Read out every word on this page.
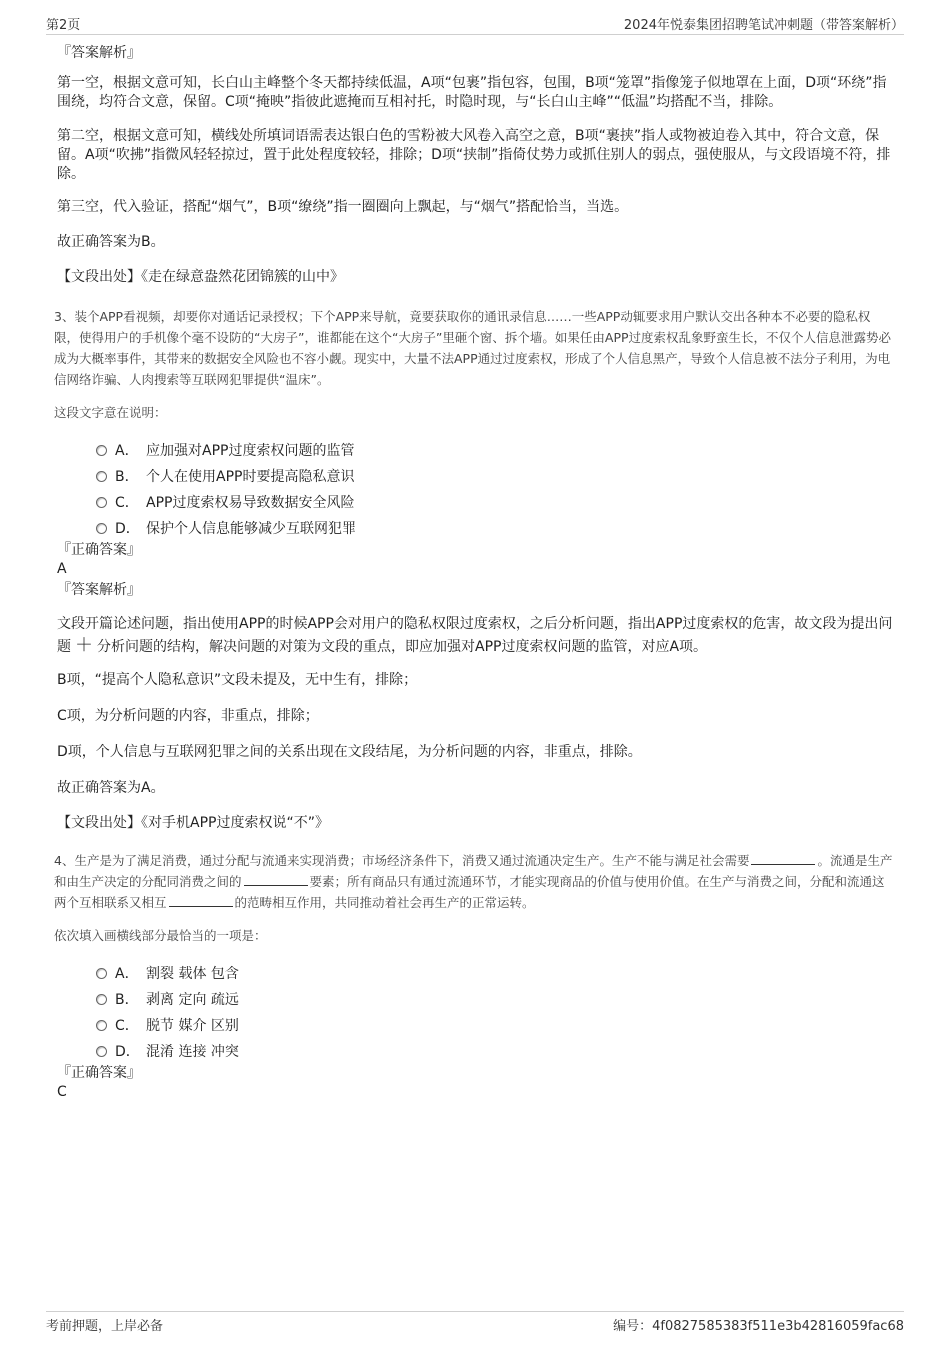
第2页	2024年悦泰集团招聘笔试冲刺题（带答案解析）
『答案解析』

第一空，根据文意可知，长白山主峰整个冬天都持续低温，A项“包裹”指包容，包围，B项“笼罩”指像笼子似地罩在上面，D项“环绕”指围绕，均符合文意，保留。C项“掩映”指彼此遮掩而互相衬托，时隐时现，与“长白山主峰”“低温”均搭配不当，排除。

第二空，根据文意可知，横线处所填词语需表达银白色的雪粉被大风卷入高空之意，B项“裹挟”指人或物被迫卷入其中，符合文意，保留。A项“吹拂”指微风轻轻掠过，置于此处程度较轻，排除；D项“挟制”指倚仗势力或抓住别人的弱点，强使服从，与文段语境不符，排除。

第三空，代入验证，搭配“烟气”，B项“缭绕”指一圈圈向上飘起，与“烟气”搭配恰当，当选。

故正确答案为B。

【文段出处】《走在绿意盎然花团锦簇的山中》

3、装个APP看视频，却要你对通话记录授权；下个APP来导航，竟要获取你的通讯录信息……一些APP动辄要求用户默认交出各种本不必要的隐私权限，使得用户的手机像个毫不设防的“大房子”，谁都能在这个“大房子”里砸个窗、拆个墙。如果任由APP过度索权乱象野蛮生长，不仅个人信息泄露势必成为大概率事件，其带来的数据安全风险也不容小觑。现实中，大量不法APP通过过度索权，形成了个人信息黑产，导致个人信息被不法分子利用，为电信网络诈骗、人肉搜索等互联网犯罪提供“温床”。

这段文字意在说明：

A． 应加强对APP过度索权问题的监管
B． 个人在使用APP时要提高隐私意识
C． APP过度索权易导致数据安全风险
D． 保护个人信息能够减少互联网犯罪
『正确答案』
A
『答案解析』

文段开篇论述问题，指出使用APP的时候APP会对用户的隐私权限过度索权，之后分析问题，指出APP过度索权的危害，故文段为提出问题 ＋ 分析问题的结构，解决问题的对策为文段的重点，即应加强对APP过度索权问题的监管，对应A项。

B项，“提高个人隐私意识”文段未提及，无中生有，排除；

C项，为分析问题的内容，非重点，排除；

D项，个人信息与互联网犯罪之间的关系出现在文段结尾，为分析问题的内容，非重点，排除。

故正确答案为A。

【文段出处】《对手机APP过度索权说“不”》

4、生产是为了满足消费，通过分配与流通来实现消费；市场经济条件下，消费又通过流通决定生产。生产不能与满足社会需要	。流通是生产和由生产决定的分配同消费之间的	要素；所有商品只有通过流通环节，才能实现商品的价值与使用价值。在生产与消费之间，分配和流通这两个互相联系又相互	的范畴相互作用，共同推动着社会再生产的正常运转。

依次填入画横线部分最恰当的一项是：

A． 割裂 载体 包含
B． 剥离 定向 疏远
C． 脱节 媒介 区别
D． 混淆 连接 冲突
『正确答案』
C
考前押题，上岸必备	编号：4f0827585383f511e3b42816059fac68
